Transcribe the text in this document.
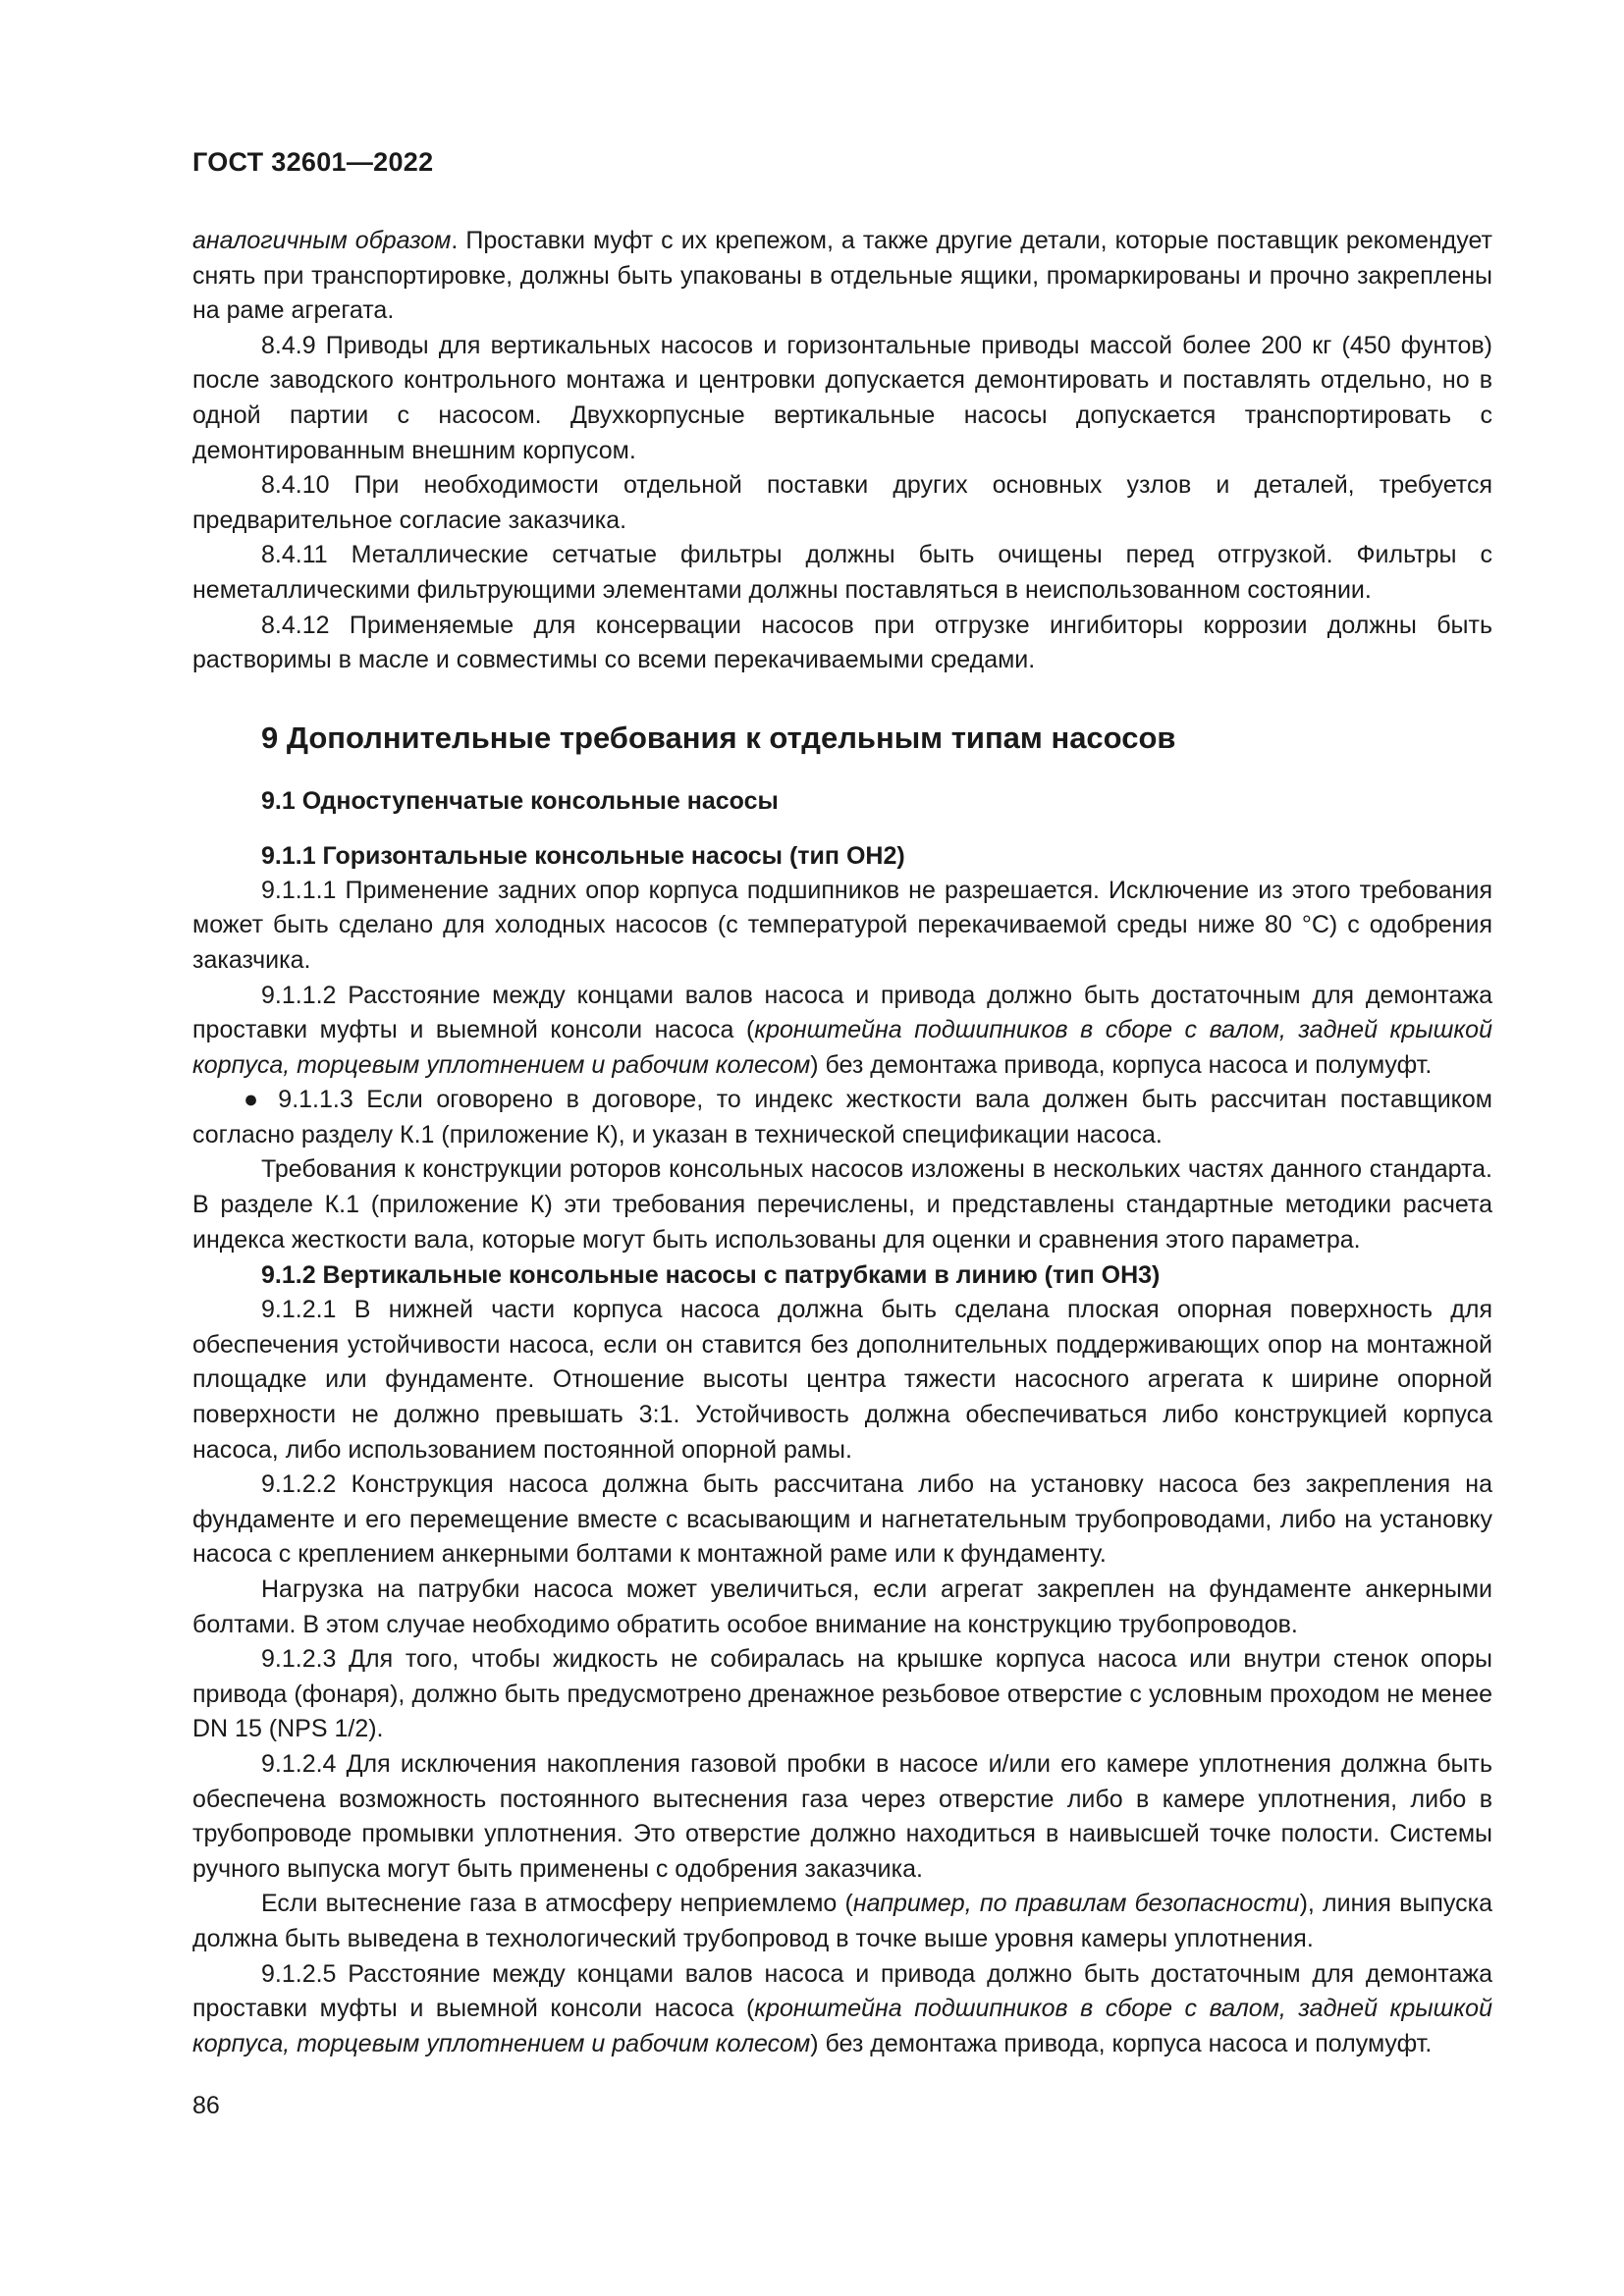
ГОСТ 32601—2022

аналогичным образом. Проставки муфт с их крепежом, а также другие детали, которые поставщик рекомендует снять при транспортировке, должны быть упакованы в отдельные ящики, промаркированы и прочно закреплены на раме агрегата.

8.4.9 Приводы для вертикальных насосов и горизонтальные приводы массой более 200 кг (450 фунтов) после заводского контрольного монтажа и центровки допускается демонтировать и поставлять отдельно, но в одной партии с насосом. Двухкорпусные вертикальные насосы допускается транспортировать с демонтированным внешним корпусом.

8.4.10 При необходимости отдельной поставки других основных узлов и деталей, требуется предварительное согласие заказчика.

8.4.11 Металлические сетчатые фильтры должны быть очищены перед отгрузкой. Фильтры с неметаллическими фильтрующими элементами должны поставляться в неиспользованном состоянии.

8.4.12 Применяемые для консервации насосов при отгрузке ингибиторы коррозии должны быть растворимы в масле и совместимы со всеми перекачиваемыми средами.

9 Дополнительные требования к отдельным типам насосов
9.1 Одноступенчатые консольные насосы
9.1.1 Горизонтальные консольные насосы (тип ОН2)

9.1.1.1 Применение задних опор корпуса подшипников не разрешается. Исключение из этого требования может быть сделано для холодных насосов (с температурой перекачиваемой среды ниже 80 °С) с одобрения заказчика.

9.1.1.2 Расстояние между концами валов насоса и привода должно быть достаточным для демонтажа проставки муфты и выемной консоли насоса (кронштейна подшипников в сборе с валом, задней крышкой корпуса, торцевым уплотнением и рабочим колесом) без демонтажа привода, корпуса насоса и полумуфт.

● 9.1.1.3 Если оговорено в договоре, то индекс жесткости вала должен быть рассчитан поставщиком согласно разделу К.1 (приложение К), и указан в технической спецификации насоса.

Требования к конструкции роторов консольных насосов изложены в нескольких частях данного стандарта. В разделе К.1 (приложение К) эти требования перечислены, и представлены стандартные методики расчета индекса жесткости вала, которые могут быть использованы для оценки и сравнения этого параметра.

9.1.2 Вертикальные консольные насосы с патрубками в линию (тип ОН3)

9.1.2.1 В нижней части корпуса насоса должна быть сделана плоская опорная поверхность для обеспечения устойчивости насоса, если он ставится без дополнительных поддерживающих опор на монтажной площадке или фундаменте. Отношение высоты центра тяжести насосного агрегата к ширине опорной поверхности не должно превышать 3:1. Устойчивость должна обеспечиваться либо конструкцией корпуса насоса, либо использованием постоянной опорной рамы.

9.1.2.2 Конструкция насоса должна быть рассчитана либо на установку насоса без закрепления на фундаменте и его перемещение вместе с всасывающим и нагнетательным трубопроводами, либо на установку насоса с креплением анкерными болтами к монтажной раме или к фундаменту.

Нагрузка на патрубки насоса может увеличиться, если агрегат закреплен на фундаменте анкерными болтами. В этом случае необходимо обратить особое внимание на конструкцию трубопроводов.

9.1.2.3 Для того, чтобы жидкость не собиралась на крышке корпуса насоса или внутри стенок опоры привода (фонаря), должно быть предусмотрено дренажное резьбовое отверстие с условным проходом не менее DN 15 (NPS 1/2).

9.1.2.4 Для исключения накопления газовой пробки в насосе и/или его камере уплотнения должна быть обеспечена возможность постоянного вытеснения газа через отверстие либо в камере уплотнения, либо в трубопроводе промывки уплотнения. Это отверстие должно находиться в наивысшей точке полости. Системы ручного выпуска могут быть применены с одобрения заказчика.

Если вытеснение газа в атмосферу неприемлемо (например, по правилам безопасности), линия выпуска должна быть выведена в технологический трубопровод в точке выше уровня камеры уплотнения.

9.1.2.5 Расстояние между концами валов насоса и привода должно быть достаточным для демонтажа проставки муфты и выемной консоли насоса (кронштейна подшипников в сборе с валом, задней крышкой корпуса, торцевым уплотнением и рабочим колесом) без демонтажа привода, корпуса насоса и полумуфт.

86
